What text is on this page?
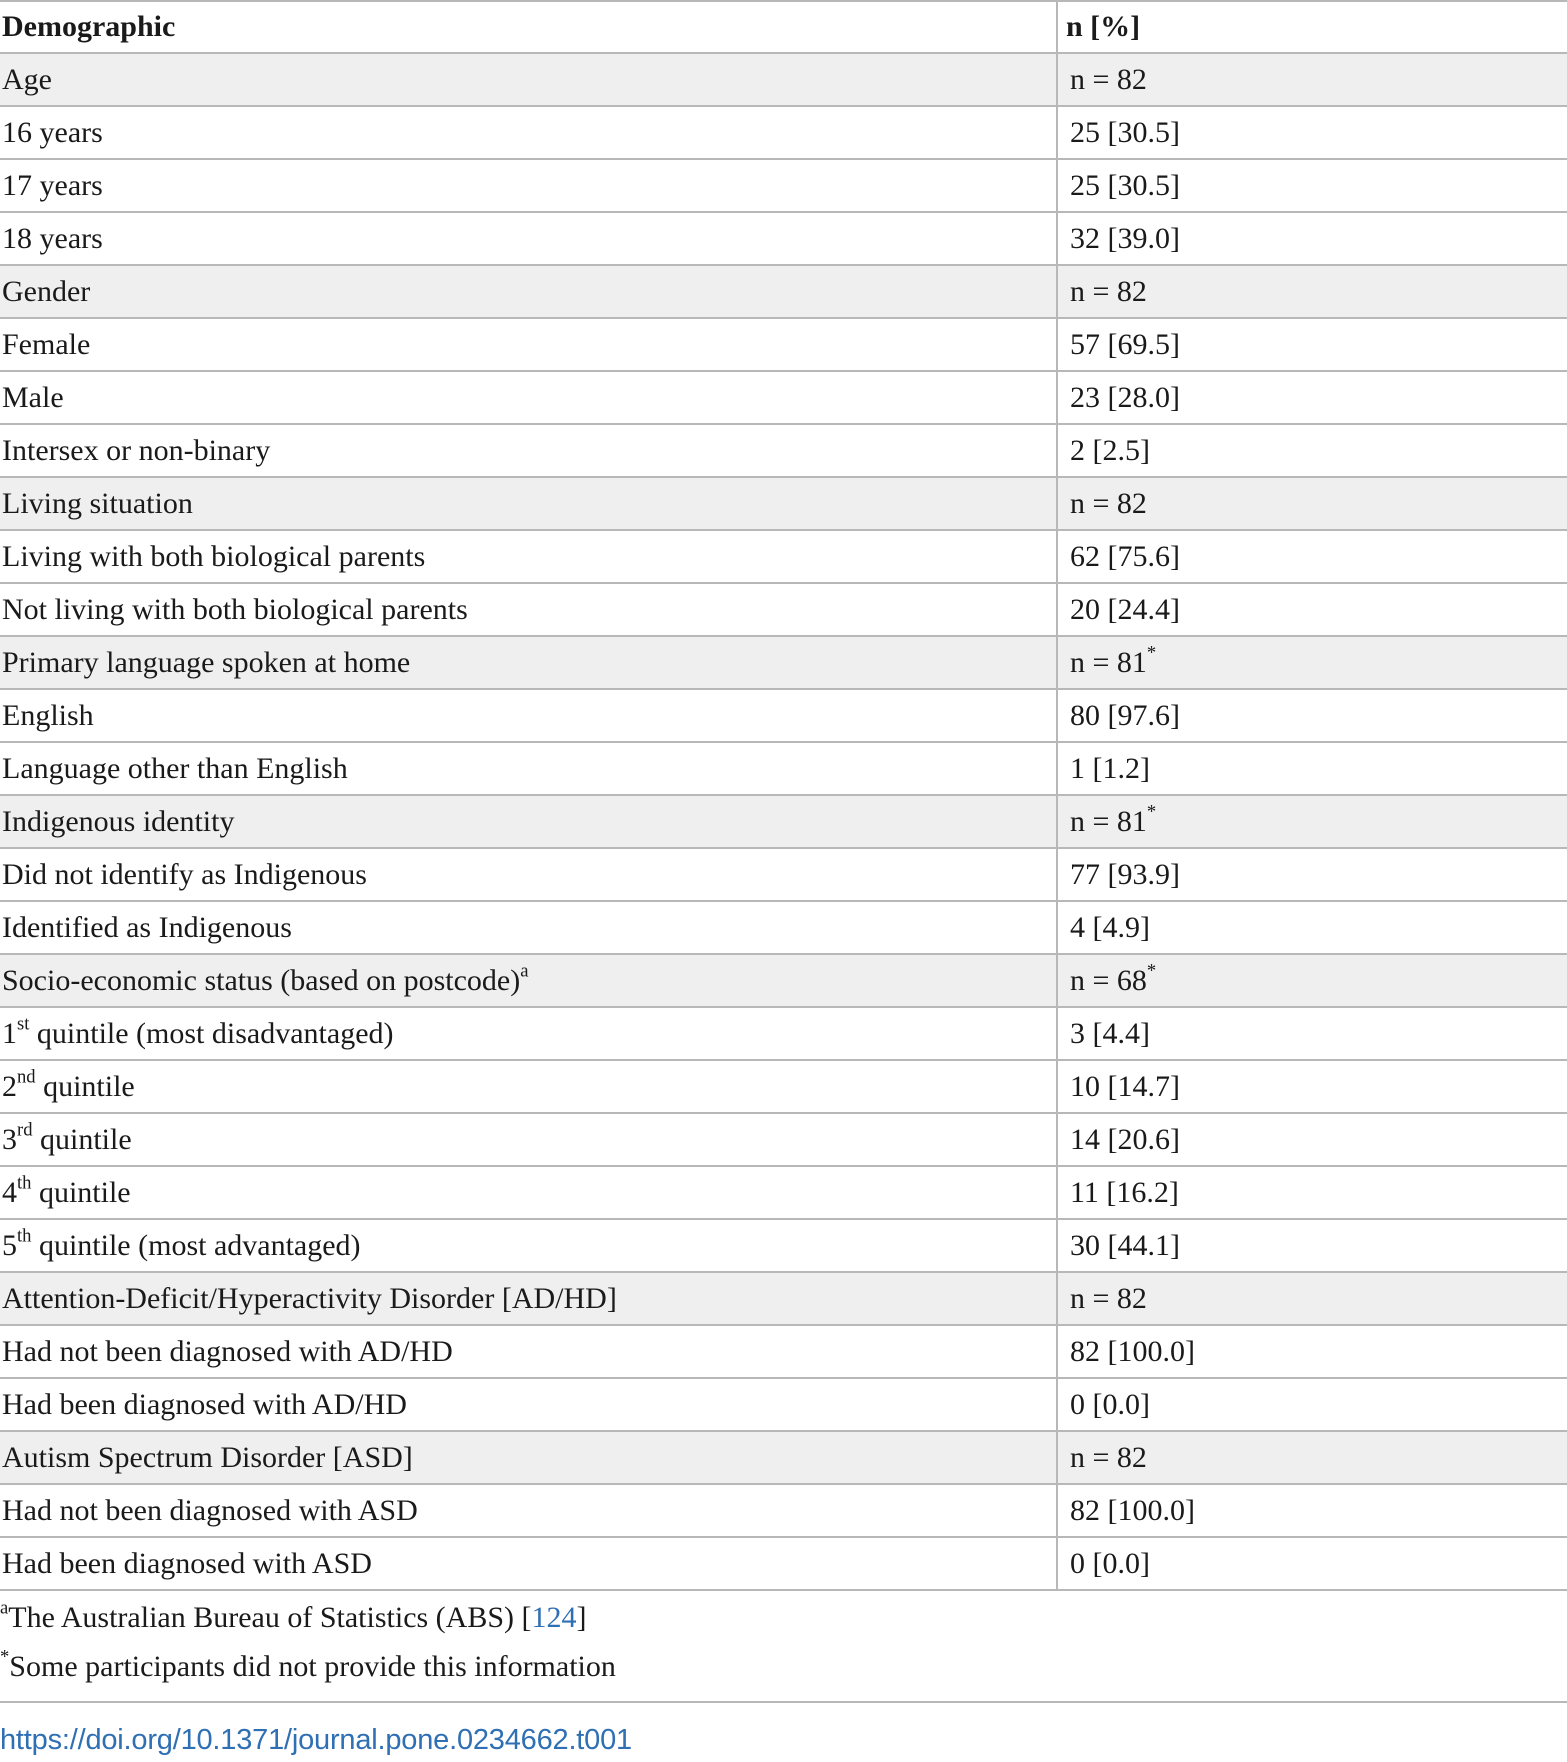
Demographic	n [%]
Age	n = 82
16 years	25 [30.5]
17 years	25 [30.5]
18 years	32 [39.0]
Gender	n = 82
Female	57 [69.5]
Male	23 [28.0]
Intersex or non-binary	2 [2.5]
Living situation	n = 82
Living with both biological parents	62 [75.6]
Not living with both biological parents	20 [24.4]
Primary language spoken at home	n = 81*
English	80 [97.6]
Language other than English	1 [1.2]
Indigenous identity	n = 81*
Did not identify as Indigenous	77 [93.9]
Identified as Indigenous	4 [4.9]
Socio-economic status (based on postcode)$^a$	n = 68*
1st quintile (most disadvantaged)	3 [4.4]
2nd quintile	10 [14.7]
3rd quintile	14 [20.6]
4th quintile	11 [16.2]
5th quintile (most advantaged)	30 [44.1]
Attention-Deficit/Hyperactivity Disorder [AD/HD]	n = 82
Had not been diagnosed with AD/HD	82 [100.0]
Had been diagnosed with AD/HD	0 [0.0]
Autism Spectrum Disorder [ASD]	n = 82
Had not been diagnosed with ASD	82 [100.0]
Had been diagnosed with ASD	0 [0.0]
$^a$The Australian Bureau of Statistics (ABS) [124]
*Some participants did not provide this information
https://doi.org/10.1371/journal.pone.0234662.t001
